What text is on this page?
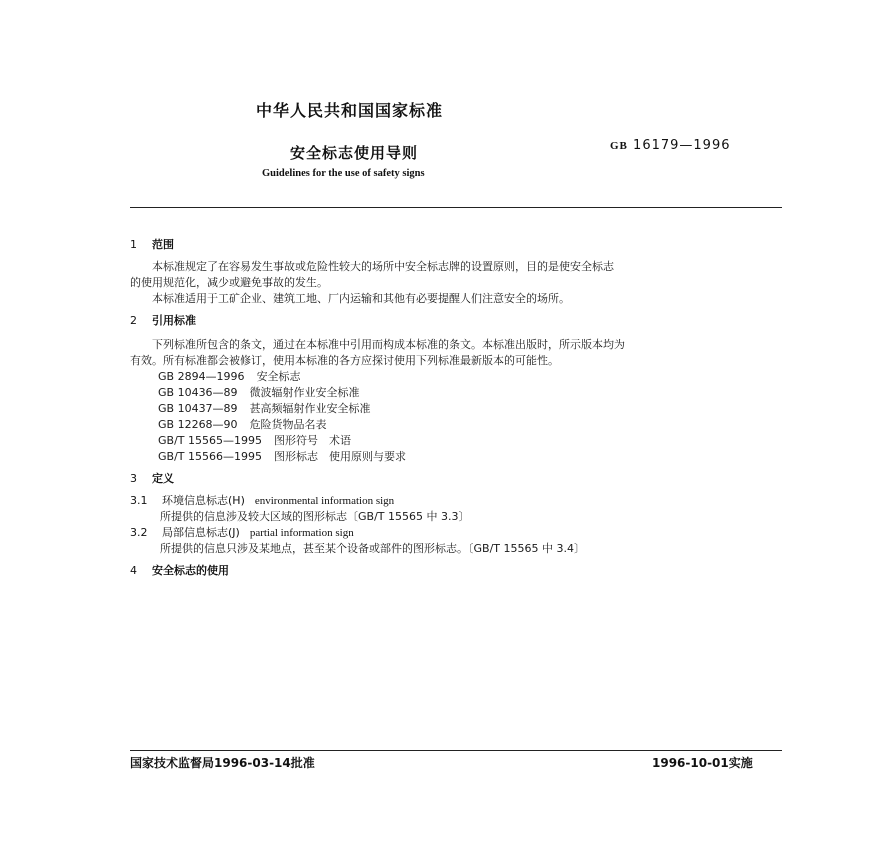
中华人民共和国国家标准
安全标志使用导则	GB 16179—1996
Guidelines for the use of safety signs
1 范围
本标准规定了在容易发生事故或危险性较大的场所中安全标志牌的设置原则，目的是使安全标志
的使用规范化，减少或避免事故的发生。
本标准适用于工矿企业、建筑工地、厂内运输和其他有必要提醒人们注意安全的场所。
2 引用标准
下列标准所包含的条文，通过在本标准中引用而构成本标准的条文。本标准出版时，所示版本均为
有效。所有标准都会被修订，使用本标准的各方应探讨使用下列标准最新版本的可能性。
GB 2894—1996 安全标志
GB 10436—89 微波辐射作业安全标准
GB 10437—89 甚高频辐射作业安全标准
GB 12268—90 危险货物品名表
GB/T 15565—1995 图形符号　术语
GB/T 15566—1995 图形标志　使用原则与要求
3 定义
3.1 环境信息标志(H) environmental information sign
所提供的信息涉及较大区域的图形标志〔GB/T 15565 中 3.3〕
3.2 局部信息标志(J) partial information sign
所提供的信息只涉及某地点，甚至某个设备或部件的图形标志。〔GB/T 15565 中 3.4〕
4 安全标志的使用
国家技术监督局1996-03-14批准	1996-10-01实施
